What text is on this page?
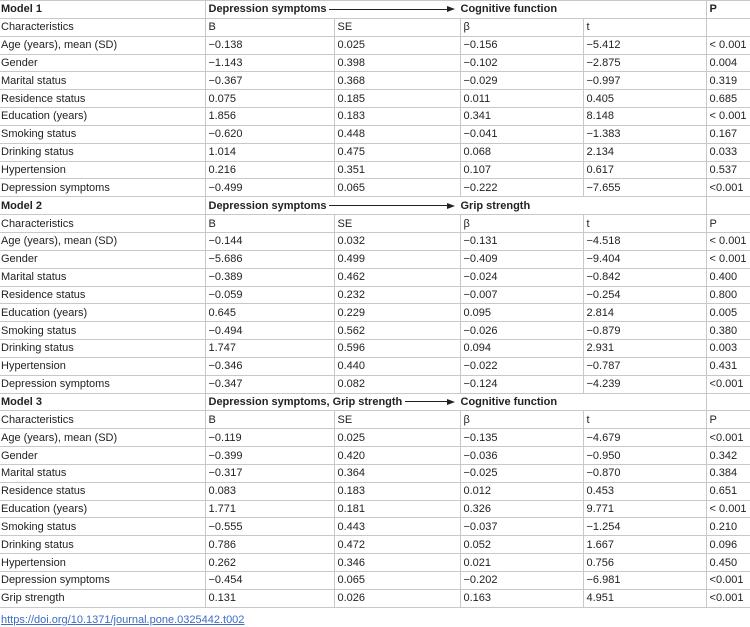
Model 1	Depression symptoms Cognitive function				P
Characteristics	B	SE	β	t	
Age (years), mean (SD)	−0.138	0.025	−0.156	−5.412	< 0.001
Gender	−1.143	0.398	−0.102	−2.875	0.004
Marital status	−0.367	0.368	−0.029	−0.997	0.319
Residence status	0.075	0.185	0.011	0.405	0.685
Education (years)	1.856	0.183	0.341	8.148	< 0.001
Smoking status	−0.620	0.448	−0.041	−1.383	0.167
Drinking status	1.014	0.475	0.068	2.134	0.033
Hypertension	0.216	0.351	0.107	0.617	0.537
Depression symptoms	−0.499	0.065	−0.222	−7.655	<0.001
Model 2	Depression symptoms Grip strength				

Characteristics	B	SE	β	t	P
Age (years), mean (SD)	−0.144	0.032	−0.131	−4.518	< 0.001
Gender	−5.686	0.499	−0.409	−9.404	< 0.001
Marital status	−0.389	0.462	−0.024	−0.842	0.400
Residence status	−0.059	0.232	−0.007	−0.254	0.800
Education (years)	0.645	0.229	0.095	2.814	0.005
Smoking status	−0.494	0.562	−0.026	−0.879	0.380
Drinking status	1.747	0.596	0.094	2.931	0.003
Hypertension	−0.346	0.440	−0.022	−0.787	0.431
Depression symptoms	−0.347	0.082	−0.124	−4.239	<0.001
Model 3	Depression symptoms, Grip strength Cognitive function				

Characteristics	B	SE	β	t	P
Age (years), mean (SD)	−0.119	0.025	−0.135	−4.679	<0.001
Gender	−0.399	0.420	−0.036	−0.950	0.342
Marital status	−0.317	0.364	−0.025	−0.870	0.384
Residence status	0.083	0.183	0.012	0.453	0.651
Education (years)	1.771	0.181	0.326	9.771	< 0.001
Smoking status	−0.555	0.443	−0.037	−1.254	0.210
Drinking status	0.786	0.472	0.052	1.667	0.096
Hypertension	0.262	0.346	0.021	0.756	0.450
Depression symptoms	−0.454	0.065	−0.202	−6.981	<0.001
Grip strength	0.131	0.026	0.163	4.951	<0.001
https://doi.org/10.1371/journal.pone.0325442.t002
